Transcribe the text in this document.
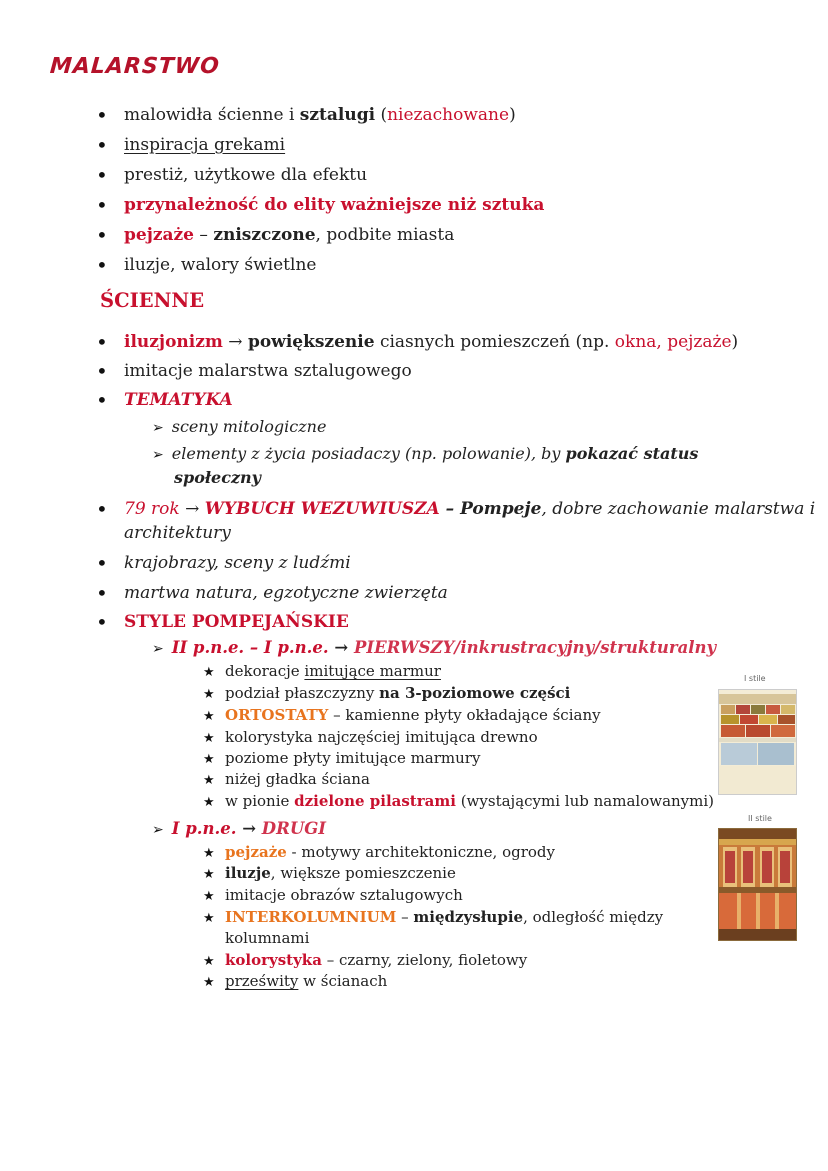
MALARSTWO
malowidła ścienne i sztalugi (niezachowane)
inspiracja grekami
prestiż, użytkowe dla efektu
przynależność do elity ważniejsze niż sztuka
pejzaże – zniszczone, podbite miasta
iluzje, walory świetlne
ŚCIENNE
iluzjonizm → powiększenie ciasnych pomieszczeń (np. okna, pejzaże)
imitacje malarstwa sztalugowego
TEMATYKA
➢ sceny mitologiczne
➢ elementy z życia posiadaczy (np. polowanie), by pokazać status
społeczny
79 rok → WYBUCH WEZUWIUSZA – Pompeje, dobre zachowanie malarstwa i
architektury
krajobrazy, sceny z ludźmi
martwa natura, egzotyczne zwierzęta
STYLE POMPEJAŃSKIE
➢ II p.n.e. – I p.n.e. → PIERWSZY/inkrustracyjny/strukturalny
★ dekoracje imitujące marmur
★ podział płaszczyzny na 3-poziomowe części
★ ORTOSTATY – kamienne płyty okładające ściany
★ kolorystyka najczęściej imitująca drewno
★ poziome płyty imitujące marmury
★ niżej gładka ściana
★ w pionie dzielone pilastrami (wystającymi lub namalowanymi)
I stile
➢ I p.n.e. → DRUGI
★ pejzaże - motywy architektoniczne, ogrody
★ iluzje, większe pomieszczenie
★ imitacje obrazów sztalugowych
★ INTERKOLUMNIUM – międzysłupie, odległość między
kolumnami
★ kolorystyka – czarny, zielony, fioletowy
★ prześwity w ścianach
II stile
